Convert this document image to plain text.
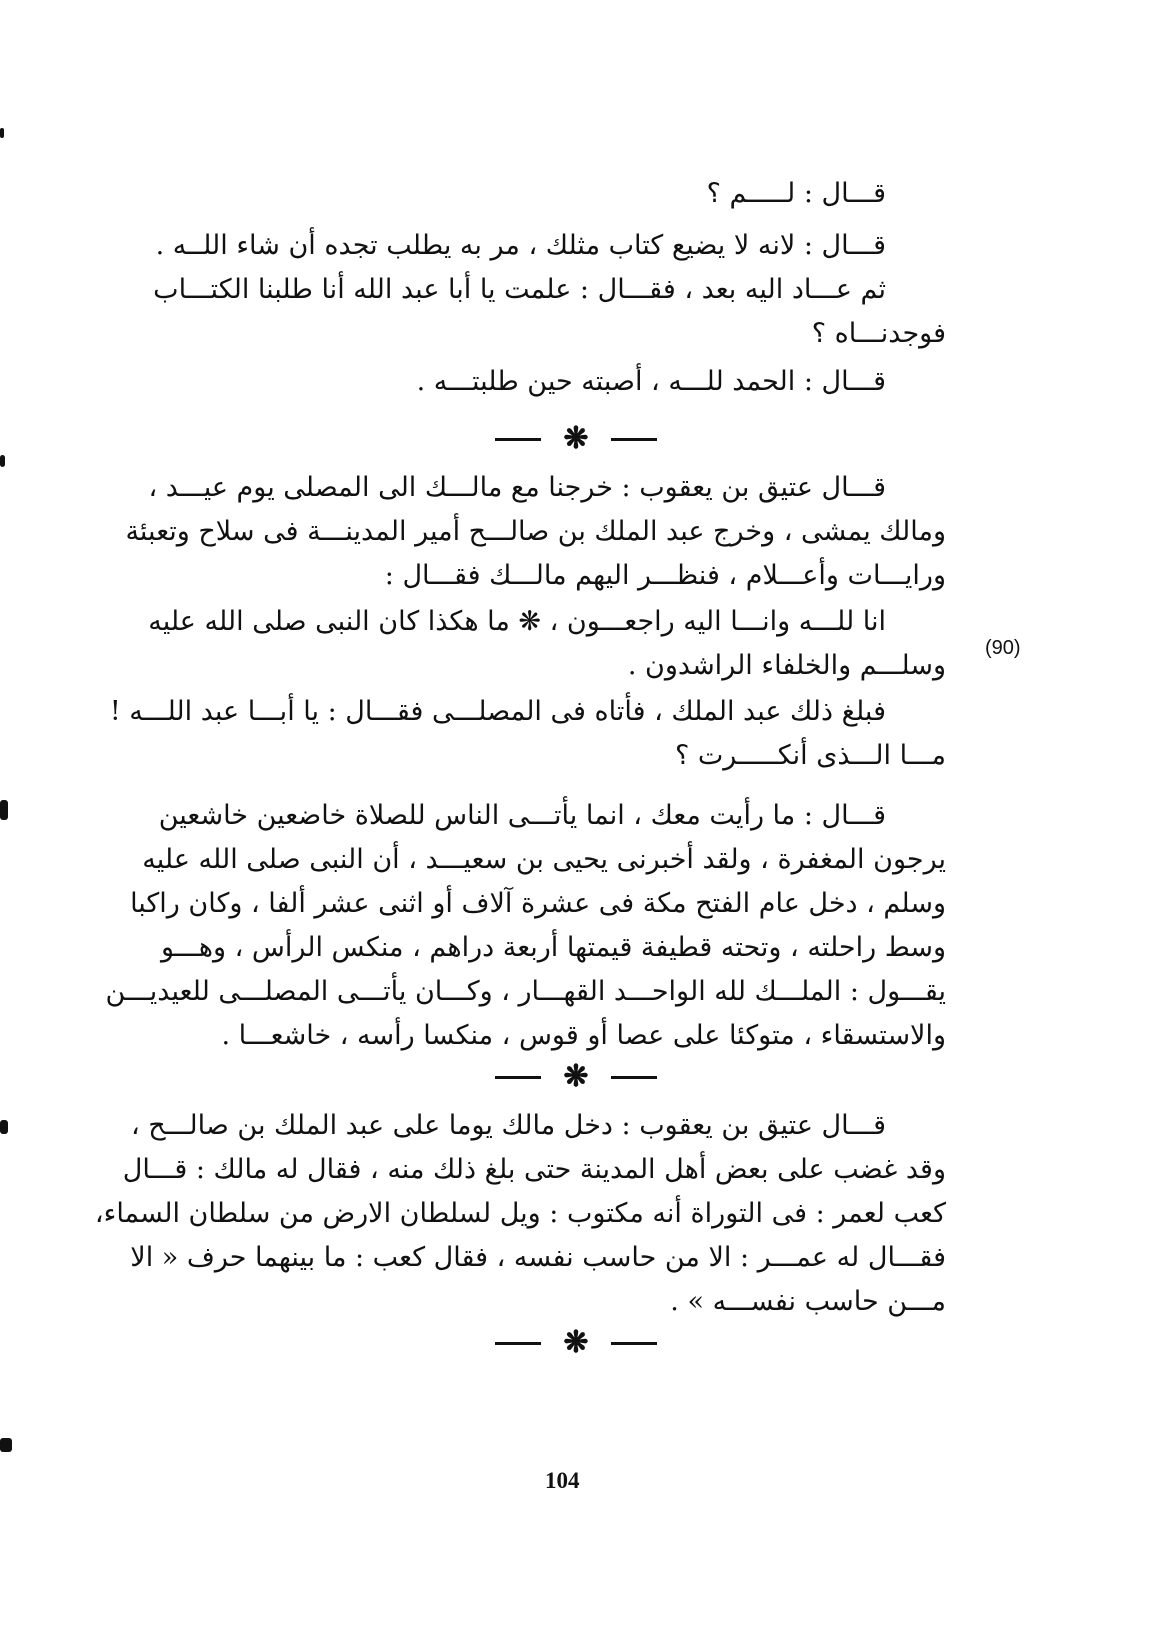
قـــال : لـــــم ؟
قـــال : لانه لا يضيع كتاب مثلك ، مر به يطلب تجده أن شاء اللــه .
ثم عـــاد اليه بعد ، فقـــال : علمت يا أبا عبد الله أنا طلبنا الكتـــاب
فوجدنـــاه ؟
قـــال : الحمد للـــه ، أصبته حين طلبتـــه .
❋
قـــال عتيق بن يعقوب : خرجنا مع مالـــك الى المصلى يوم عيـــد ،
ومالك يمشى ، وخرج عبد الملك بن صالـــح أمير المدينـــة فى سلاح وتعبئة
ورايـــات وأعـــلام ، فنظـــر اليهم مالـــك فقـــال :
(90)
انا للـــه وانـــا اليه راجعـــون ، ❋ ما هكذا كان النبى صلى الله عليه
وسلـــم والخلفاء الراشدون .
فبلغ ذلك عبد الملك ، فأتاه فى المصلـــى فقـــال : يا أبـــا عبد اللـــه !
مـــا الـــذى أنكـــــرت ؟
قـــال : ما رأيت معك ، انما يأتـــى الناس للصلاة خاضعين خاشعين
يرجون المغفرة ، ولقد أخبرنى يحيى بن سعيـــد ، أن النبى صلى الله عليه
وسلم ، دخل عام الفتح مكة فى عشرة آلاف أو اثنى عشر ألفا ، وكان راكبا
وسط راحلته ، وتحته قطيفة قيمتها أربعة دراهم ، منكس الرأس ، وهـــو
يقـــول : الملـــك لله الواحـــد القهـــار ، وكـــان يأتـــى المصلـــى للعيديـــن
والاستسقاء ، متوكئا على عصا أو قوس ، منكسا رأسه ، خاشعـــا .
❋
قـــال عتيق بن يعقوب : دخل مالك يوما على عبد الملك بن صالـــح ،
وقد غضب على بعض أهل المدينة حتى بلغ ذلك منه ، فقال له مالك : قـــال
كعب لعمر : فى التوراة أنه مكتوب : ويل لسلطان الارض من سلطان السماء،
فقـــال له عمـــر : الا من حاسب نفسه ، فقال كعب : ما بينهما حرف « الا
مـــن حاسب نفســـه » .
❋
104
